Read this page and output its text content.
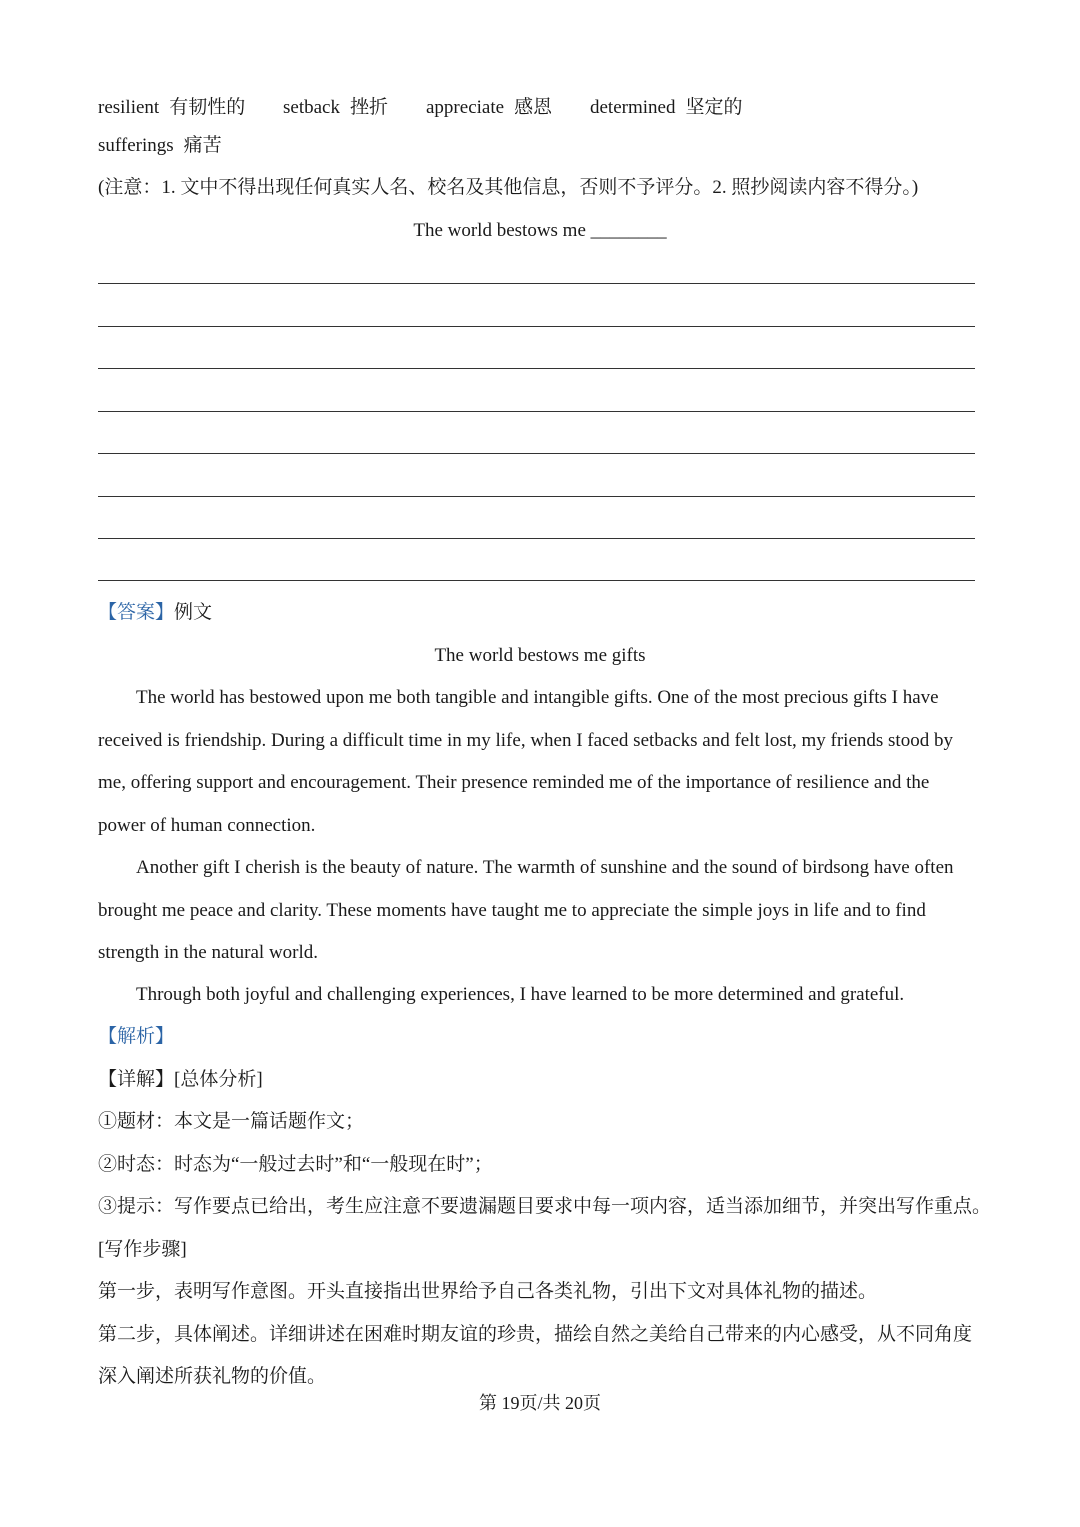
resilient 有韧性的 setback 挫折 appreciate 感恩 determined 坚定的
sufferings 痛苦
(注意：1. 文中不得出现任何真实人名、校名及其他信息，否则不予评分。2. 照抄阅读内容不得分。)
The world bestows me ________
【答案】例文
The world bestows me gifts

The world has bestowed upon me both tangible and intangible gifts. One of the most precious gifts I have received is friendship. During a difficult time in my life, when I faced setbacks and felt lost, my friends stood by me, offering support and encouragement. Their presence reminded me of the importance of resilience and the power of human connection.

Another gift I cherish is the beauty of nature. The warmth of sunshine and the sound of birdsong have often brought me peace and clarity. These moments have taught me to appreciate the simple joys in life and to find strength in the natural world.

Through both joyful and challenging experiences, I have learned to be more determined and grateful.

【解析】
【详解】[总体分析]
①题材：本文是一篇话题作文；
②时态：时态为“一般过去时”和“一般现在时”；
③提示：写作要点已给出，考生应注意不要遗漏题目要求中每一项内容，适当添加细节，并突出写作重点。
[写作步骤]
第一步，表明写作意图。开头直接指出世界给予自己各类礼物，引出下文对具体礼物的描述。
第二步，具体阐述。详细讲述在困难时期友谊的珍贵，描绘自然之美给自己带来的内心感受，从不同角度
深入阐述所获礼物的价值。
第 19页/共 20页
